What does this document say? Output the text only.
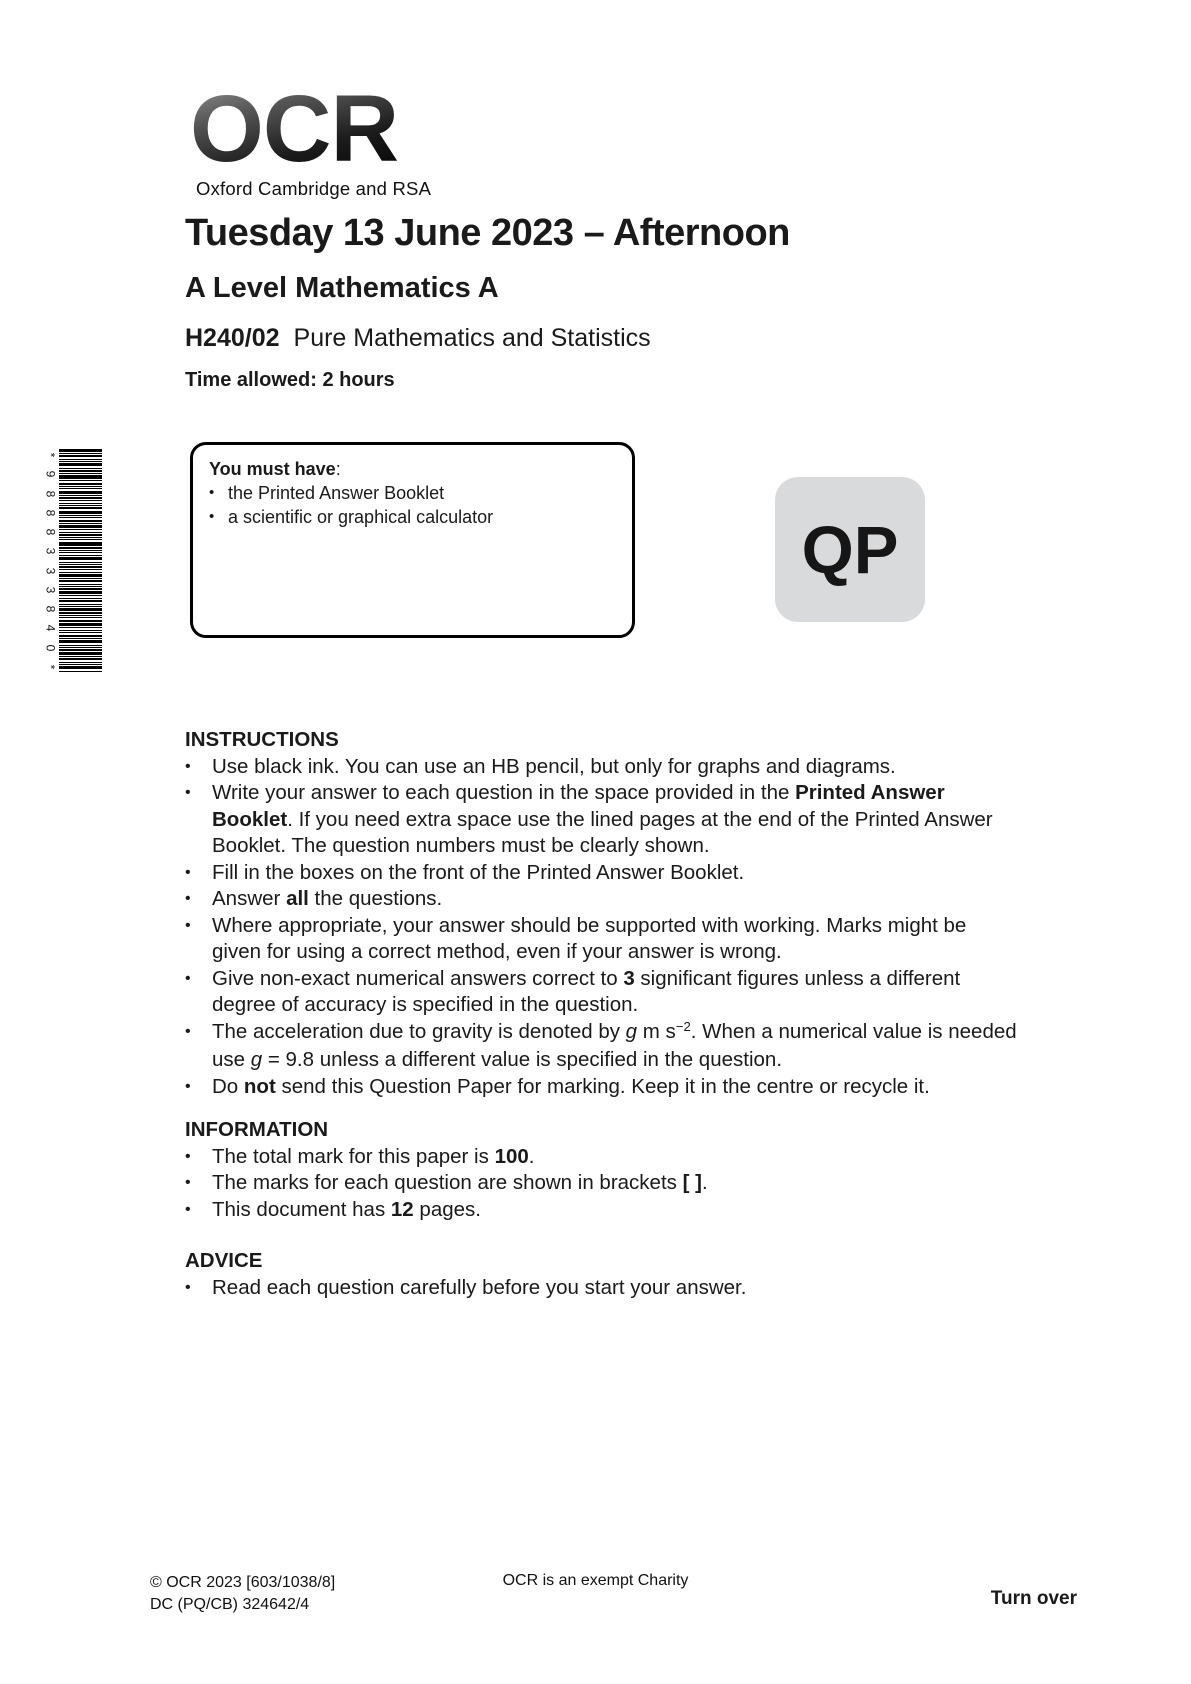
OCR
Oxford Cambridge and RSA
Tuesday 13 June 2023 – Afternoon
A Level Mathematics A
H240/02 Pure Mathematics and Statistics
Time allowed: 2 hours
*
9
8
8
8
3
3
3
8
4
0
*
You must have:
• the Printed Answer Booklet
• a scientific or graphical calculator	QP
INSTRUCTIONS
•	Use black ink. You can use an HB pencil, but only for graphs and diagrams.
•	Write your answer to each question in the space provided in the Printed Answer Booklet. If you need extra space use the lined pages at the end of the Printed Answer Booklet. The question numbers must be clearly shown.
•	Fill in the boxes on the front of the Printed Answer Booklet.
•	Answer all the questions.
•	Where appropriate, your answer should be supported with working. Marks might be given for using a correct method, even if your answer is wrong.
•	Give non-exact numerical answers correct to 3 significant figures unless a different degree of accuracy is specified in the question.
•	The acceleration due to gravity is denoted by g m $s^{-2}$. When a numerical value is needed use g = 9.8 unless a different value is specified in the question.
•	Do not send this Question Paper for marking. Keep it in the centre or recycle it.
INFORMATION
•	The total mark for this paper is 100.
•	The marks for each question are shown in brackets [ ].
•	This document has 12 pages.
ADVICE
•	Read each question carefully before you start your answer.
© OCR 2023 [603/1038/8]
DC (PQ/CB) 324642/4
OCR is an exempt Charity
Turn over
